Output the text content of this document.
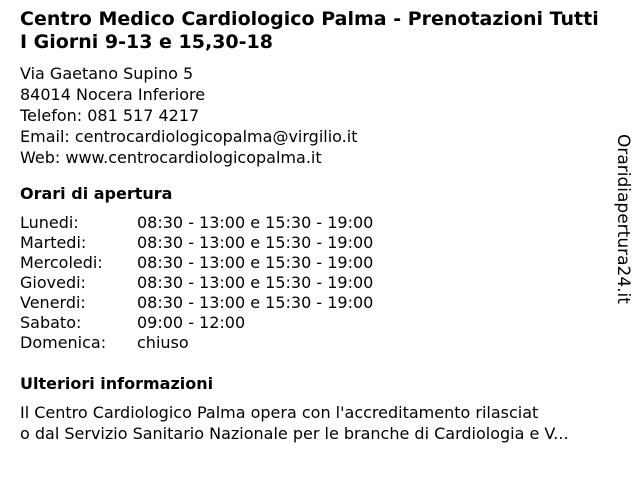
Centro Medico Cardiologico Palma - Prenotazioni Tutti I Giorni 9-13 e 15,30-18
Via Gaetano Supino 5
84014 Nocera Inferiore
Telefon: 081 517 4217
Email: centrocardiologicopalma@virgilio.it
Web: www.centrocardiologicopalma.it
Orari di apertura
Lunedi:	08:30 - 13:00 e 15:30 - 19:00
Martedi:	08:30 - 13:00 e 15:30 - 19:00
Mercoledi:	08:30 - 13:00 e 15:30 - 19:00
Giovedi:	08:30 - 13:00 e 15:30 - 19:00
Venerdi:	08:30 - 13:00 e 15:30 - 19:00
Sabato:	09:00 - 12:00
Domenica:	chiuso
Ulteriori informazioni
Il Centro Cardiologico Palma opera con l'accreditamento rilasciat
o dal Servizio Sanitario Nazionale per le branche di Cardiologia e V...
Oraridiapertura24.it
